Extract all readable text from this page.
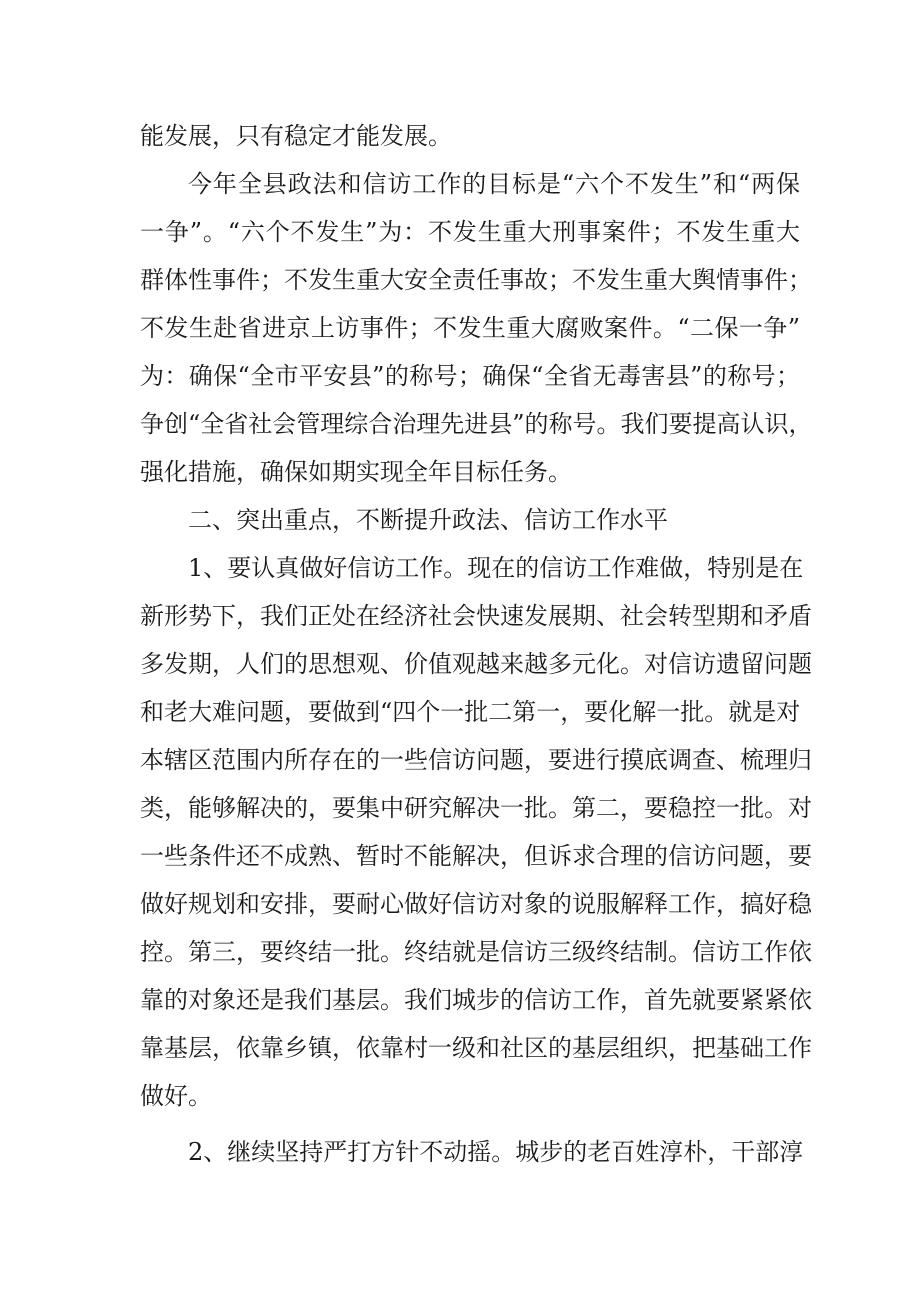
能发展，只有稳定才能发展。
今年全县政法和信访工作的目标是“六个不发生”和“两保
一争”。“六个不发生”为：不发生重大刑事案件；不发生重大
群体性事件；不发生重大安全责任事故；不发生重大舆情事件；
不发生赴省进京上访事件；不发生重大腐败案件。“二保一争”
为：确保“全市平安县”的称号；确保“全省无毒害县”的称号；
争创“全省社会管理综合治理先进县”的称号。我们要提高认识，
强化措施，确保如期实现全年目标任务。
二、突出重点，不断提升政法、信访工作水平
1、要认真做好信访工作。现在的信访工作难做，特别是在
新形势下，我们正处在经济社会快速发展期、社会转型期和矛盾
多发期，人们的思想观、价值观越来越多元化。对信访遗留问题
和老大难问题，要做到“四个一批二第一，要化解一批。就是对
本辖区范围内所存在的一些信访问题，要进行摸底调查、梳理归
类，能够解决的，要集中研究解决一批。第二，要稳控一批。对
一些条件还不成熟、暂时不能解决，但诉求合理的信访问题，要
做好规划和安排，要耐心做好信访对象的说服解释工作，搞好稳
控。第三，要终结一批。终结就是信访三级终结制。信访工作依
靠的对象还是我们基层。我们城步的信访工作，首先就要紧紧依
靠基层，依靠乡镇，依靠村一级和社区的基层组织，把基础工作
做好。
2、继续坚持严打方针不动摇。城步的老百姓淳朴，干部淳
